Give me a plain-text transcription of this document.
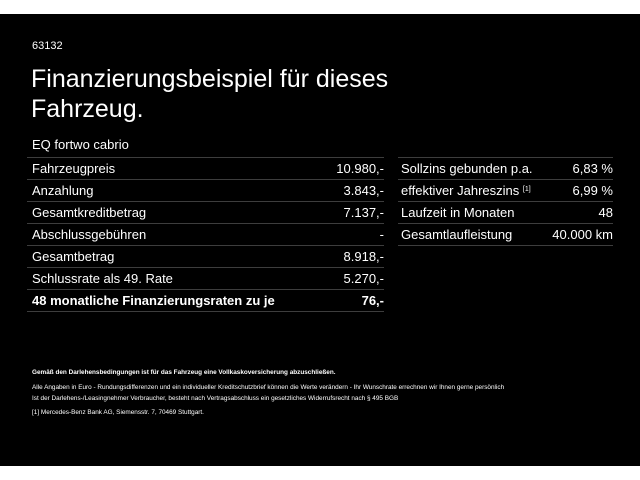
63132
Finanzierungsbeispiel für dieses Fahrzeug.
EQ fortwo cabrio
Fahrzeugpreis	10.980,-
Anzahlung	3.843,-
Gesamtkreditbetrag	7.137,-
Abschlussgebühren	-
Gesamtbetrag	8.918,-
Schlussrate als 49. Rate	5.270,-
48 monatliche Finanzierungsraten zu je	76,-
Sollzins gebunden p.a.	6,83 %
effektiver Jahreszins [1]	6,99 %
Laufzeit in Monaten	48
Gesamtlaufleistung	40.000 km
Gemäß den Darlehensbedingungen ist für das Fahrzeug eine Vollkaskoversicherung abzuschließen.
Alle Angaben in Euro - Rundungsdifferenzen und ein individueller Kreditschutzbrief können die Werte verändern - Ihr Wunschrate errechnen wir Ihnen gerne persönlich
Ist der Darlehens-/Leasingnehmer Verbraucher, besteht nach Vertragsabschluss ein gesetzliches Widerrufsrecht nach § 495 BGB
[1] Mercedes-Benz Bank AG, Siemensstr. 7, 70469 Stuttgart.
